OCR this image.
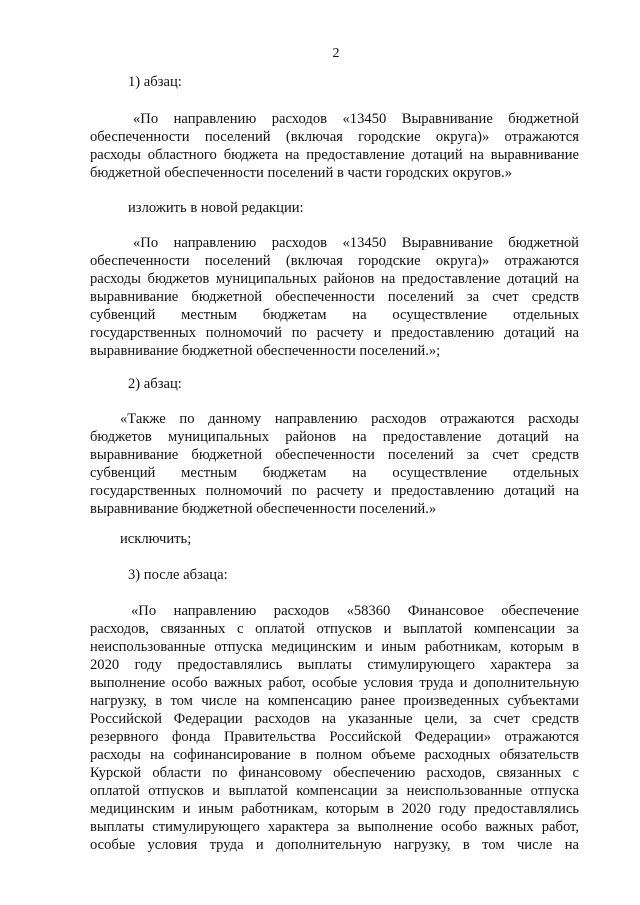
2
1) абзац:
«По направлению расходов «13450 Выравнивание бюджетной
обеспеченности поселений (включая городские округа)» отражаются
расходы областного бюджета на предоставление дотаций на выравнивание
бюджетной обеспеченности поселений в части городских округов.»
изложить в новой редакции:
«По направлению расходов «13450 Выравнивание бюджетной
обеспеченности поселений (включая городские округа)» отражаются
расходы бюджетов муниципальных районов на предоставление дотаций на
выравнивание бюджетной обеспеченности поселений за счет средств
субвенций местным бюджетам на осуществление отдельных
государственных полномочий по расчету и предоставлению дотаций на
выравнивание бюджетной обеспеченности поселений.»;
2) абзац:
«Также по данному направлению расходов отражаются расходы
бюджетов муниципальных районов на предоставление дотаций на
выравнивание бюджетной обеспеченности поселений за счет средств
субвенций местным бюджетам на осуществление отдельных
государственных полномочий по расчету и предоставлению дотаций на
выравнивание бюджетной обеспеченности поселений.»
исключить;
3) после абзаца:
«По направлению расходов «58360 Финансовое обеспечение
расходов, связанных с оплатой отпусков и выплатой компенсации за
неиспользованные отпуска медицинским и иным работникам, которым в
2020 году предоставлялись выплаты стимулирующего характера за
выполнение особо важных работ, особые условия труда и дополнительную
нагрузку, в том числе на компенсацию ранее произведенных субъектами
Российской Федерации расходов на указанные цели, за счет средств
резервного фонда Правительства Российской Федерации» отражаются
расходы на софинансирование в полном объеме расходных обязательств
Курской области по финансовому обеспечению расходов, связанных с
оплатой отпусков и выплатой компенсации за неиспользованные отпуска
медицинским и иным работникам, которым в 2020 году предоставлялись
выплаты стимулирующего характера за выполнение особо важных работ,
особые условия труда и дополнительную нагрузку, в том числе на
